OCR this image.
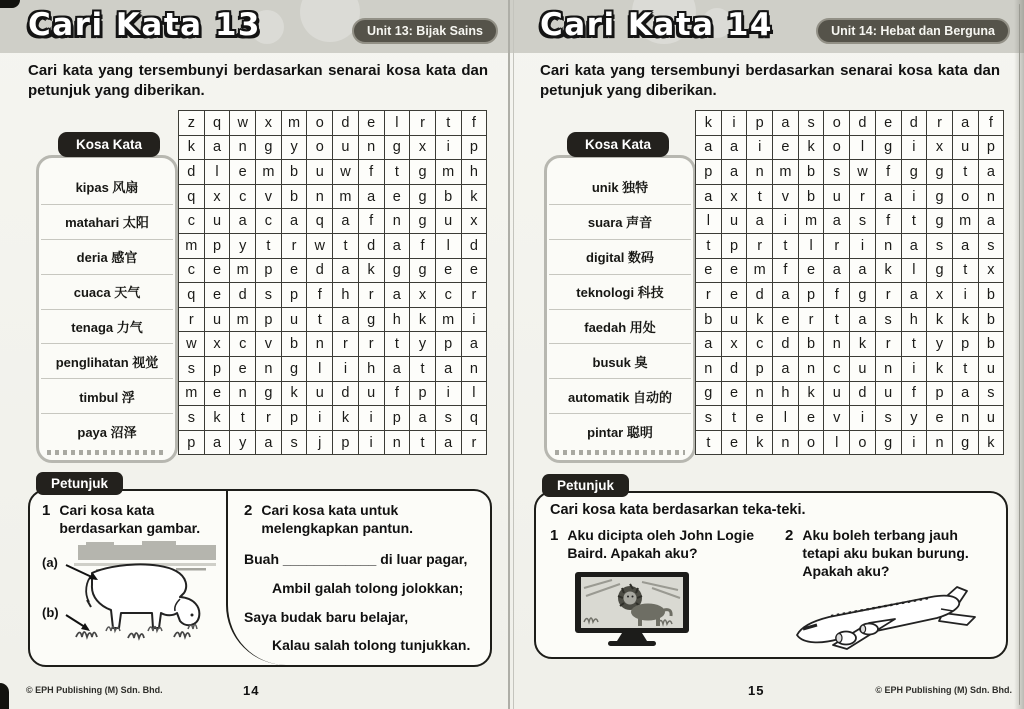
Cari Kata 13	Unit 13: Bijak Sains
Cari kata yang tersembunyi berdasarkan senarai kosa kata dan petunjuk yang diberikan.
Kosa Kata
kipas 风扇
matahari 太阳
deria 感官
cuaca 天气
tenaga 力气
penglihatan 视觉
timbul 浮
paya 沼泽
z	q	w	x	m	o	d	e	l	r	t	f
k	a	n	g	y	o	u	n	g	x	i	p
d	l	e	m	b	u	w	f	t	g	m	h
q	x	c	v	b	n	m	a	e	g	b	k
c	u	a	c	a	q	a	f	n	g	u	x
m	p	y	t	r	w	t	d	a	f	l	d
c	e	m	p	e	d	a	k	g	g	e	e
q	e	d	s	p	f	h	r	a	x	c	r
r	u	m	p	u	t	a	g	h	k	m	i
w	x	c	v	b	n	r	r	t	y	p	a
s	p	e	n	g	l	i	h	a	t	a	n
m	e	n	g	k	u	d	u	f	p	i	l
s	k	t	r	p	i	k	i	p	a	s	q
p	a	y	a	s	j	p	i	n	t	a	r
Petunjuk
1 Cari kosa kata berdasarkan gambar.
(a)
(b)
2 Cari kosa kata untuk melengkapkan pantun.
Buah ____________ di luar pagar,
Ambil galah tolong jolokkan;
Saya budak baru belajar,
Kalau salah tolong tunjukkan.
© EPH Publishing (M) Sdn. Bhd.	14
Cari Kata 14	Unit 14: Hebat dan Berguna
Cari kata yang tersembunyi berdasarkan senarai kosa kata dan petunjuk yang diberikan.
Kosa Kata
unik 独特
suara 声音
digital 数码
teknologi 科技
faedah 用处
busuk 臭
automatik 自动的
pintar 聪明
k	i	p	a	s	o	d	e	d	r	a	f
a	a	i	e	k	o	l	g	i	x	u	p
p	a	n	m	b	s	w	f	g	g	t	a
a	x	t	v	b	u	r	a	i	g	o	n
l	u	a	i	m	a	s	f	t	g	m	a
t	p	r	t	l	r	i	n	a	s	a	s
e	e	m	f	e	a	a	k	l	g	t	x
r	e	d	a	p	f	g	r	a	x	i	b
b	u	k	e	r	t	a	s	h	k	k	b
a	x	c	d	b	n	k	r	t	y	p	b
n	d	p	a	n	c	u	n	i	k	t	u
g	e	n	h	k	u	d	u	f	p	a	s
s	t	e	l	e	v	i	s	y	e	n	u
t	e	k	n	o	l	o	g	i	n	g	k
Petunjuk
Cari kosa kata berdasarkan teka-teki.
1 Aku dicipta oleh John Logie Baird. Apakah aku?
2 Aku boleh terbang jauh tetapi aku bukan burung. Apakah aku?
© EPH Publishing (M) Sdn. Bhd.
15
